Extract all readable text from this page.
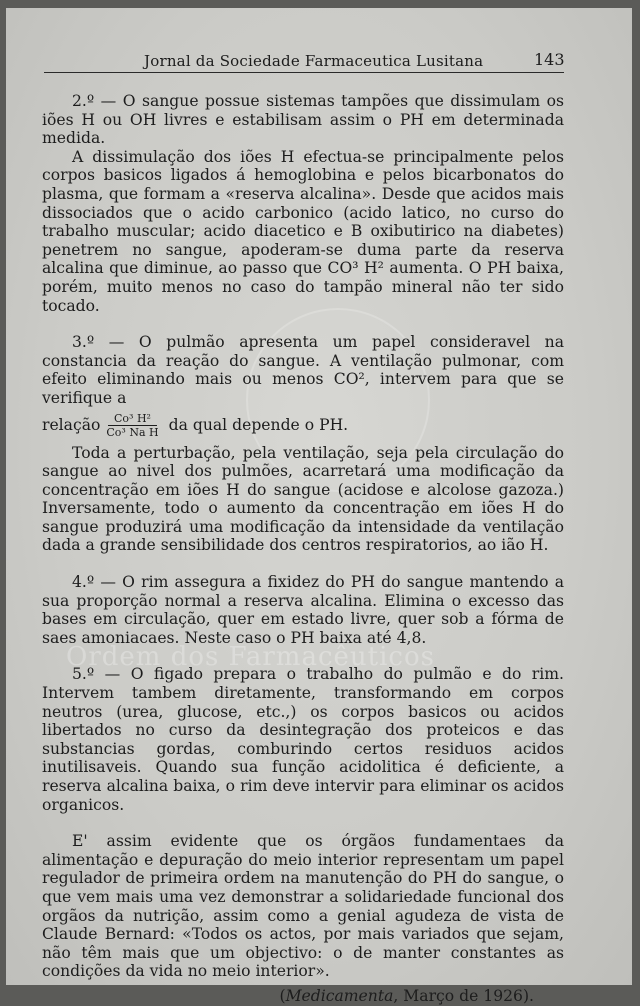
Ordem dos Farmacêuticos
Jornal da Sociedade Farmaceutica Lusitana	143

2.º — O sangue possue sistemas tampões que dissimulam os iões H ou OH livres e estabilisam assim o PH em determinada medida.

A dissimulação dos iões H efectua-se principalmente pelos corpos basicos ligados á hemoglobina e pelos bicarbonatos do plasma, que formam a «reserva alcalina». Desde que acidos mais dissociados que o acido carbonico (acido latico, no curso do trabalho muscular; acido diacetico e B oxibutirico na diabetes) penetrem no sangue, apoderam-se duma parte da reserva alcalina que diminue, ao passo que CO³ H² aumenta. O PH baixa, porém, muito menos no caso do tampão mineral não ter sido tocado.

3.º — O pulmão apresenta um papel consideravel na constancia da reação do sangue. A ventilação pulmonar, com efeito eliminando mais ou menos CO², intervem para que se verifique a

relação $\frac{\text{Co³ H²}}{\text{Co³ Na H}}$ da qual depende o PH.

Toda a perturbação, pela ventilação, seja pela circulação do sangue ao nivel dos pulmões, acarretará uma modificação da concentração em iões H do sangue (acidose e alcolose gazoza.) Inversamente, todo o aumento da concentração em iões H do sangue produzirá uma modificação da intensidade da ventilação dada a grande sensibilidade dos centros respiratorios, ao ião H.

4.º — O rim assegura a fixidez do PH do sangue mantendo a sua proporção normal a reserva alcalina. Elimina o excesso das bases em circulação, quer em estado livre, quer sob a fórma de saes amoniacaes. Neste caso o PH baixa até 4,8.

5.º — O figado prepara o trabalho do pulmão e do rim. Intervem tambem diretamente, transformando em corpos neutros (urea, glucose, etc.,) os corpos basicos ou acidos libertados no curso da desintegração dos proteicos e das substancias gordas, comburindo certos residuos acidos inutilisaveis. Quando sua função acidolitica é deficiente, a reserva alcalina baixa, o rim deve intervir para eliminar os acidos organicos.

E' assim evidente que os órgãos fundamentaes da alimentação e depuração do meio interior representam um papel regulador de primeira ordem na manutenção do PH do sangue, o que vem mais uma vez demonstrar a solidariedade funcional dos orgãos da nutrição, assim como a genial agudeza de vista de Claude Bernard: «Todos os actos, por mais variados que sejam, não têm mais que um objectivo: o de manter constantes as condições da vida no meio interior».

(Medicamenta, Março de 1926).
